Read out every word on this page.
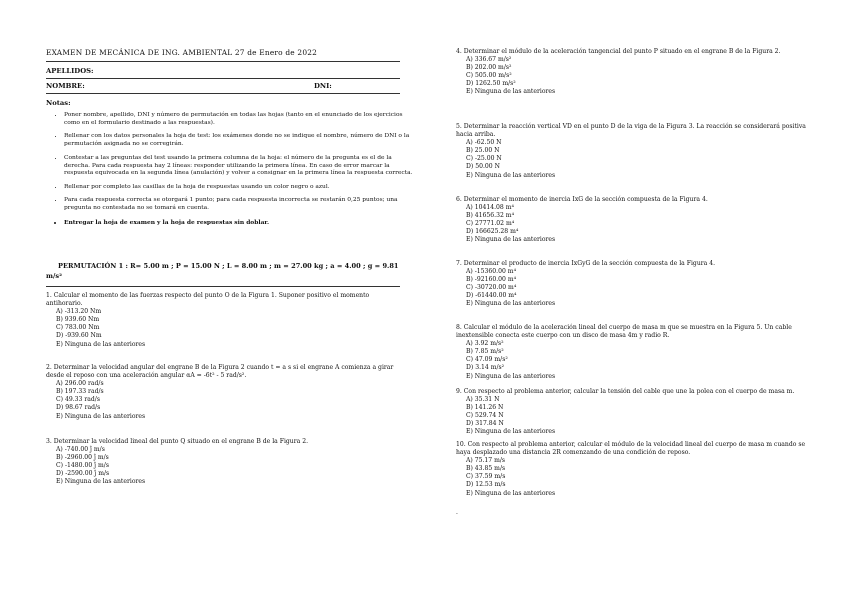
EXAMEN DE MECÁNICA DE ING. AMBIENTAL 27 de Enero de 2022
APELLIDOS:
NOMBRE:	DNI:
Notas:
• Poner nombre, apellido, DNI y número de permutación en todas las hojas (tanto en el enunciado de los ejercicios como en el formulario destinado a las respuestas).
• Rellenar con los datos personales la hoja de test: los exámenes donde no se indique el nombre, número de DNI o la permutación asignada no se corregirán.
• Contestar a las preguntas del test usando la primera columna de la hoja: el número de la pregunta es el de la derecha. Para cada respuesta hay 2 líneas: responder utilizando la primera línea. En caso de error marcar la respuesta equivocada en la segunda línea (anulación) y volver a consignar en la primera línea la respuesta correcta.
• Rellenar por completo las casillas de la hoja de respuestas usando un color negro o azul.
• Para cada respuesta correcta se otorgará 1 punto; para cada respuesta incorrecta se restarán 0,25 puntos; una pregunta no contestada no se tomará en cuenta.
• Entregar la hoja de examen y la hoja de respuestas sin doblar.
PERMUTACIÓN 1 : R= 5.00 m ; P = 15.00 N ; L = 8.00 m ; m = 27.00 kg ; a = 4.00 ; g = 9.81 m/s²

1. Calcular el momento de las fuerzas respecto del punto O de la Figura 1. Suponer positivo el momento antihorario.

A) -313.20 Nm
B) 939.60 Nm
C) 783.00 Nm
D) -939.60 Nm
E) Ninguna de las anteriores

2. Determinar la velocidad angular del engrane B de la Figura 2 cuando t = a s si el engrane A comienza a girar desde el reposo con una aceleración angular αA = -6t² - 5 rad/s².

A) 296.00 rad/s
B) 197.33 rad/s
C) 49.33 rad/s
D) 98.67 rad/s
E) Ninguna de las anteriores

3. Determinar la velocidad lineal del punto Q situado en el engrane B de la Figura 2.

A) -740.00 ĵ m/s
B) -2960.00 ĵ m/s
C) -1480.00 ĵ m/s
D) -2590.00 ĵ m/s
E) Ninguna de las anteriores

4. Determinar el módulo de la aceleración tangencial del punto P situado en el engrane B de la Figura 2.

A) 336.67 m/s²
B) 202.00 m/s²
C) 505.00 m/s²
D) 1262.50 m/s²
E) Ninguna de las anteriores

5. Determinar la reacción vertical VD en el punto D de la viga de la Figura 3. La reacción se considerará positiva hacia arriba.

A) -62.50 N
B) 25.00 N
C) -25.00 N
D) 50.00 N
E) Ninguna de las anteriores

6. Determinar el momento de inercia IxG de la sección compuesta de la Figura 4.

A) 10414.08 m⁴
B) 41656.32 m⁴
C) 27771.02 m⁴
D) 166625.28 m⁴
E) Ninguna de las anteriores

7. Determinar el producto de inercia IxGyG de la sección compuesta de la Figura 4.

A) -15360.00 m⁴
B) -92160.00 m⁴
C) -30720.00 m⁴
D) -61440.00 m⁴
E) Ninguna de las anteriores

8. Calcular el módulo de la aceleración lineal del cuerpo de masa m que se muestra en la Figura 5. Un cable inextensible conecta este cuerpo con un disco de masa 4m y radio R.

A) 3.92 m/s²
B) 7.85 m/s²
C) 47.09 m/s²
D) 3.14 m/s²
E) Ninguna de las anteriores

9. Con respecto al problema anterior, calcular la tensión del cable que une la polea con el cuerpo de masa m.

A) 35.31 N
B) 141.26 N
C) 529.74 N
D) 317.84 N
E) Ninguna de las anteriores

10. Con respecto al problema anterior, calcular el módulo de la velocidad lineal del cuerpo de masa m cuando se haya desplazado una distancia 2R comenzando de una condición de reposo.

A) 75.17 m/s
B) 43.85 m/s
C) 37.59 m/s
D) 12.53 m/s
E) Ninguna de las anteriores
.
